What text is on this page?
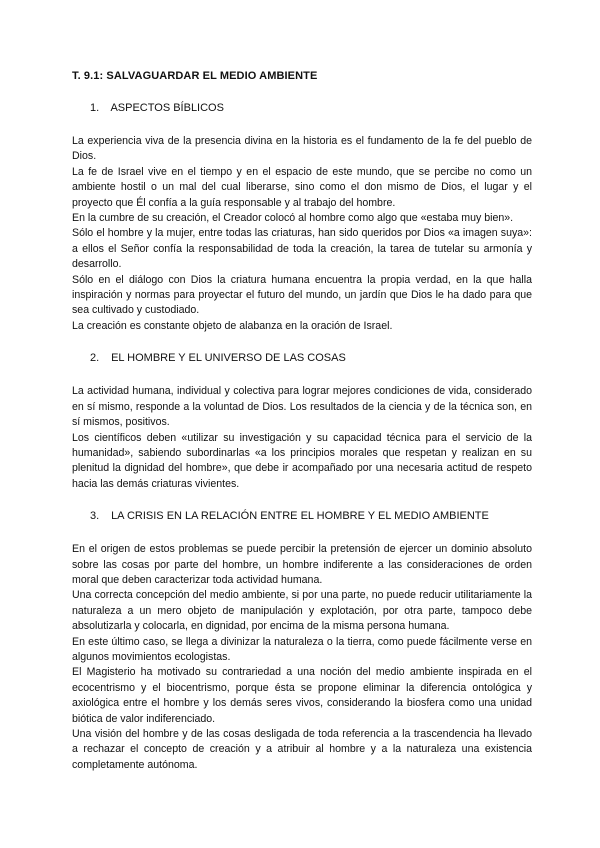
T. 9.1: SALVAGUARDAR EL MEDIO AMBIENTE
1. ASPECTOS BÍBLICOS

La experiencia viva de la presencia divina en la historia es el fundamento de la fe del pueblo de Dios.

La fe de Israel vive en el tiempo y en el espacio de este mundo, que se percibe no como un ambiente hostil o un mal del cual liberarse, sino como el don mismo de Dios, el lugar y el proyecto que Él confía a la guía responsable y al trabajo del hombre.

En la cumbre de su creación, el Creador colocó al hombre como algo que «estaba muy bien».

Sólo el hombre y la mujer, entre todas las criaturas, han sido queridos por Dios «a imagen suya»: a ellos el Señor confía la responsabilidad de toda la creación, la tarea de tutelar su armonía y desarrollo.

Sólo en el diálogo con Dios la criatura humana encuentra la propia verdad, en la que halla inspiración y normas para proyectar el futuro del mundo, un jardín que Dios le ha dado para que sea cultivado y custodiado.

La creación es constante objeto de alabanza en la oración de Israel.

2. EL HOMBRE Y EL UNIVERSO DE LAS COSAS

La actividad humana, individual y colectiva para lograr mejores condiciones de vida, considerado en sí mismo, responde a la voluntad de Dios. Los resultados de la ciencia y de la técnica son, en sí mismos, positivos.

Los científicos deben «utilizar su investigación y su capacidad técnica para el servicio de la humanidad», sabiendo subordinarlas «a los principios morales que respetan y realizan en su plenitud la dignidad del hombre», que debe ir acompañado por una necesaria actitud de respeto hacia las demás criaturas vivientes.

3. LA CRISIS EN LA RELACIÓN ENTRE EL HOMBRE Y EL MEDIO AMBIENTE

En el origen de estos problemas se puede percibir la pretensión de ejercer un dominio absoluto sobre las cosas por parte del hombre, un hombre indiferente a las consideraciones de orden moral que deben caracterizar toda actividad humana.

Una correcta concepción del medio ambiente, si por una parte, no puede reducir utilitariamente la naturaleza a un mero objeto de manipulación y explotación, por otra parte, tampoco debe absolutizarla y colocarla, en dignidad, por encima de la misma persona humana.

En este último caso, se llega a divinizar la naturaleza o la tierra, como puede fácilmente verse en algunos movimientos ecologistas.

El Magisterio ha motivado su contrariedad a una noción del medio ambiente inspirada en el ecocentrismo y el biocentrismo, porque ésta se propone eliminar la diferencia ontológica y axiológica entre el hombre y los demás seres vivos, considerando la biosfera como una unidad biótica de valor indiferenciado.

Una visión del hombre y de las cosas desligada de toda referencia a la trascendencia ha llevado a rechazar el concepto de creación y a atribuir al hombre y a la naturaleza una existencia completamente autónoma.
